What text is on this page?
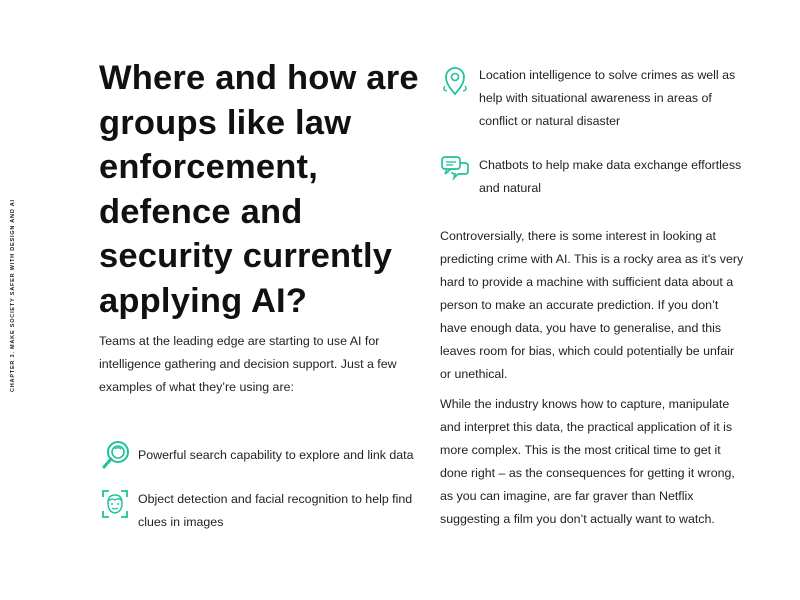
CHAPTER 3. MAKE SOCIETY SAFER WITH DESIGN AND AI
Where and how are groups like law enforcement, defence and security currently applying AI?

Teams at the leading edge are starting to use AI for intelligence gathering and decision support. Just a few examples of what they’re using are:

Powerful search capability to explore and link data

Object detection and facial recognition to help find clues in images

Location intelligence to solve crimes as well as help with situational awareness in areas of conflict or natural disaster

Chatbots to help make data exchange effortless and natural

Controversially, there is some interest in looking at predicting crime with AI. This is a rocky area as it’s very hard to provide a machine with sufficient data about a person to make an accurate prediction. If you don’t have enough data, you have to generalise, and this leaves room for bias, which could potentially be unfair or unethical.

While the industry knows how to capture, manipulate and interpret this data, the practical application of it is more complex. This is the most critical time to get it done right – as the consequences for getting it wrong, as you can imagine, are far graver than Netflix suggesting a film you don’t actually want to watch.
